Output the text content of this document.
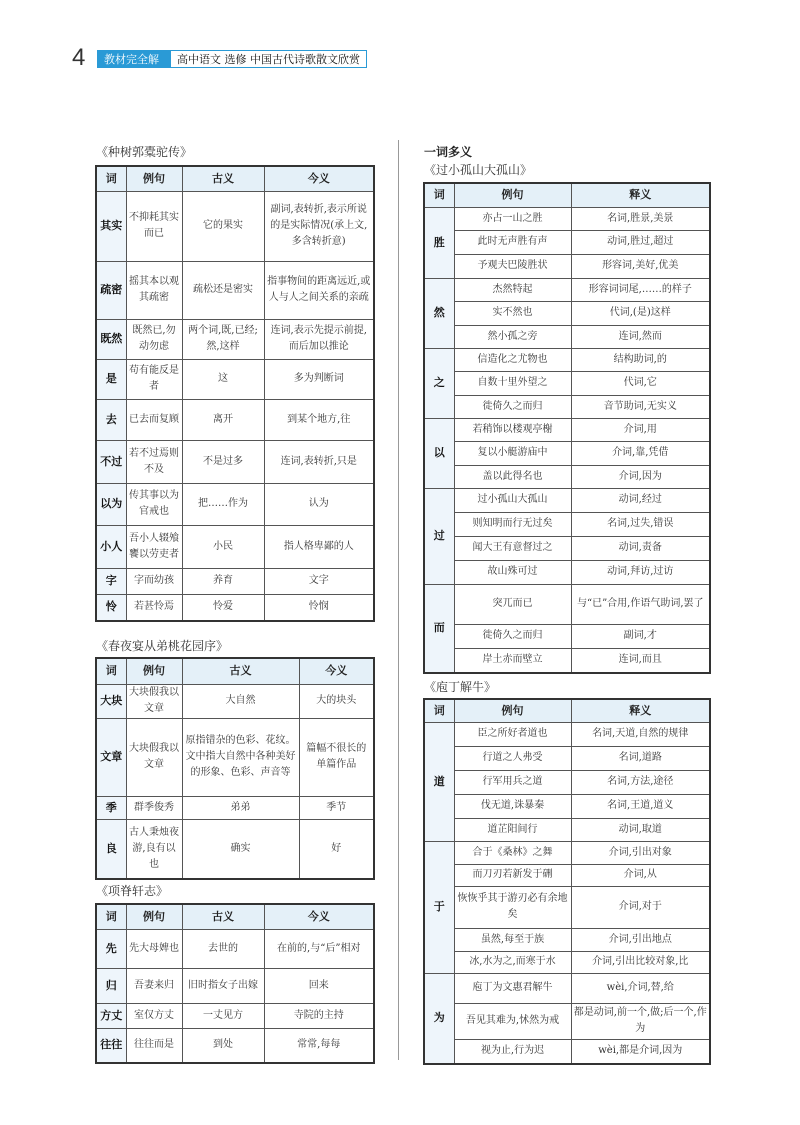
4	教材完全解读
高中语文 选修 中国古代诗歌散文欣赏
《种树郭橐驼传》
《春夜宴从弟桃花园序》
《项脊轩志》
一词多义
《过小孤山大孤山》
《庖丁解牛》
词	例句	古义	今义
其实	不抑耗其实而已	它的果实	副词,表转折,表示所说的是实际情况(承上文,多含转折意)
疏密	摇其本以观其疏密	疏松还是密实	指事物间的距离远近,或人与人之间关系的亲疏
既然	既然已,勿动勿虑	两个词,既,已经;然,这样	连词,表示先提示前提,而后加以推论
是	苟有能反是者	这	多为判断词
去	已去而复顾	离开	到某个地方,往
不过	若不过焉则不及	不是过多	连词,表转折,只是
以为	传其事以为官戒也	把……作为	认为
小人	吾小人辍飧饔以劳吏者	小民	指人格卑鄙的人
字	字而幼孩	养育	文字
怜	若甚怜焉	怜爱	怜悯
词	例句	古义	今义
大块	大块假我以文章	大自然	大的块头
文章	大块假我以文章	原指错杂的色彩、花纹。文中指大自然中各种美好的形象、色彩、声音等	篇幅不很长的单篇作品
季	群季俊秀	弟弟	季节
良	古人秉烛夜游,良有以也	确实	好
词	例句	古义	今义
先	先大母婢也	去世的	在前的,与“后”相对
归	吾妻来归	旧时指女子出嫁	回来
方丈	室仅方丈	一丈见方	寺院的主持
往往	往往而是	到处	常常,每每
词	例句	释义
胜	亦占一山之胜	名词,胜景,美景
	此时无声胜有声	动词,胜过,超过
	予观夫巴陵胜状	形容词,美好,优美
然	杰然特起	形容词词尾,……的样子
	实不然也	代词,(是)这样
	然小孤之旁	连词,然而
之	信造化之尤物也	结构助词,的
	自数十里外望之	代词,它
	徙倚久之而归	音节助词,无实义
以	若稍饰以楼观亭榭	介词,用
	复以小艇游庙中	介词,靠,凭借
	盖以此得名也	介词,因为
过	过小孤山大孤山	动词,经过
	则知明而行无过矣	名词,过失,错误
	闻大王有意督过之	动词,责备
	故山殊可过	动词,拜访,过访
而	突兀而已	与“已”合用,作语气助词,罢了
	徙倚久之而归	副词,才
	岸土赤而壁立	连词,而且
词	例句	释义
道	臣之所好者道也	名词,天道,自然的规律
	行道之人弗受	名词,道路
	行军用兵之道	名词,方法,途径
	伐无道,诛暴秦	名词,王道,道义
	道芷阳间行	动词,取道
于	合于《桑林》之舞	介词,引出对象
	而刀刃若新发于硎	介词,从
	恢恢乎其于游刃必有余地矣	介词,对于
	虽然,每至于族	介词,引出地点
	冰,水为之,而寒于水	介词,引出比较对象,比
为	庖丁为文惠君解牛	wèi,介词,替,给
	吾见其难为,怵然为戒	都是动词,前一个,做;后一个,作为
	视为止,行为迟	wèi,都是介词,因为
